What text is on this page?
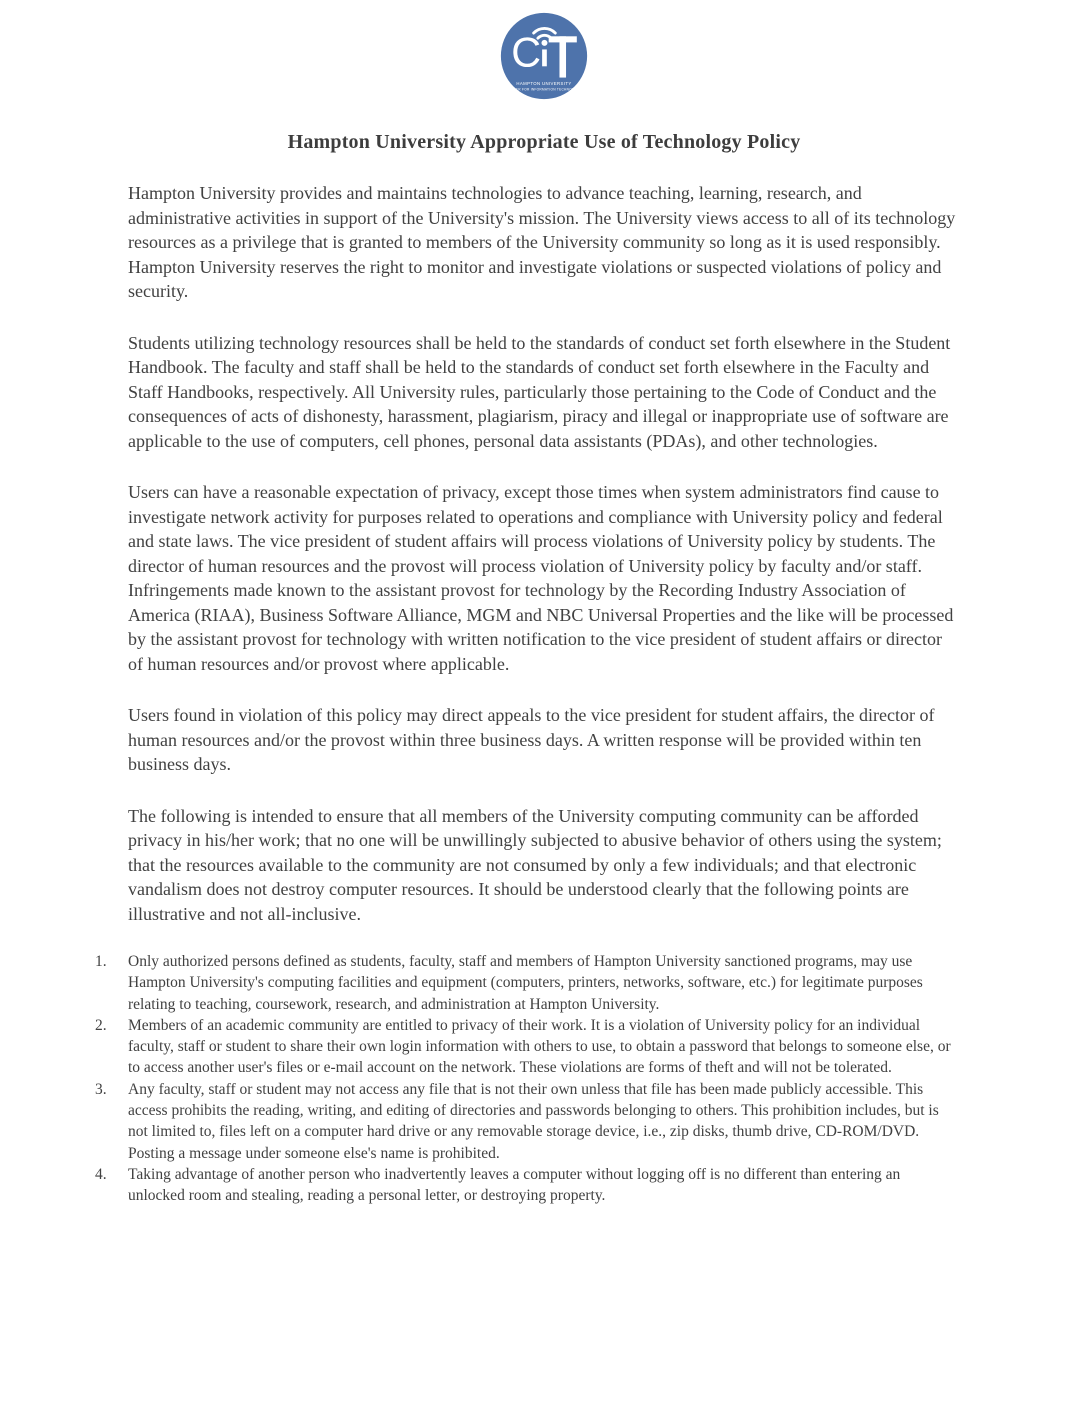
C
HAMPTON UNIVERSITY
CENTER FOR INFORMATION TECHNOLOGY
Hampton University Appropriate Use of Technology Policy

Hampton University provides and maintains technologies to advance teaching, learning, research, and administrative activities in support of the University's mission. The University views access to all of its technology resources as a privilege that is granted to members of the University community so long as it is used responsibly. Hampton University reserves the right to monitor and investigate violations or suspected violations of policy and security.

Students utilizing technology resources shall be held to the standards of conduct set forth elsewhere in the Student Handbook. The faculty and staff shall be held to the standards of conduct set forth elsewhere in the Faculty and Staff Handbooks, respectively. All University rules, particularly those pertaining to the Code of Conduct and the consequences of acts of dishonesty, harassment, plagiarism, piracy and illegal or inappropriate use of software are applicable to the use of computers, cell phones, personal data assistants (PDAs), and other technologies.

Users can have a reasonable expectation of privacy, except those times when system administrators find cause to investigate network activity for purposes related to operations and compliance with University policy and federal and state laws. The vice president of student affairs will process violations of University policy by students. The director of human resources and the provost will process violation of University policy by faculty and/or staff. Infringements made known to the assistant provost for technology by the Recording Industry Association of America (RIAA), Business Software Alliance, MGM and NBC Universal Properties and the like will be processed by the assistant provost for technology with written notification to the vice president of student affairs or director of human resources and/or provost where applicable.

Users found in violation of this policy may direct appeals to the vice president for student affairs, the director of human resources and/or the provost within three business days. A written response will be provided within ten business days.

The following is intended to ensure that all members of the University computing community can be afforded privacy in his/her work; that no one will be unwillingly subjected to abusive behavior of others using the system; that the resources available to the community are not consumed by only a few individuals; and that electronic vandalism does not destroy computer resources. It should be understood clearly that the following points are illustrative and not all-inclusive.

1.	Only authorized persons defined as students, faculty, staff and members of Hampton University sanctioned programs, may use Hampton University's computing facilities and equipment (computers, printers, networks, software, etc.) for legitimate purposes relating to teaching, coursework, research, and administration at Hampton University.
2.	Members of an academic community are entitled to privacy of their work. It is a violation of University policy for an individual faculty, staff or student to share their own login information with others to use, to obtain a password that belongs to someone else, or to access another user's files or e-mail account on the network. These violations are forms of theft and will not be tolerated.
3.	Any faculty, staff or student may not access any file that is not their own unless that file has been made publicly accessible. This access prohibits the reading, writing, and editing of directories and passwords belonging to others. This prohibition includes, but is not limited to, files left on a computer hard drive or any removable storage device, i.e., zip disks, thumb drive, CD-ROM/DVD. Posting a message under someone else's name is prohibited.
4.	Taking advantage of another person who inadvertently leaves a computer without logging off is no different than entering an unlocked room and stealing, reading a personal letter, or destroying property.
